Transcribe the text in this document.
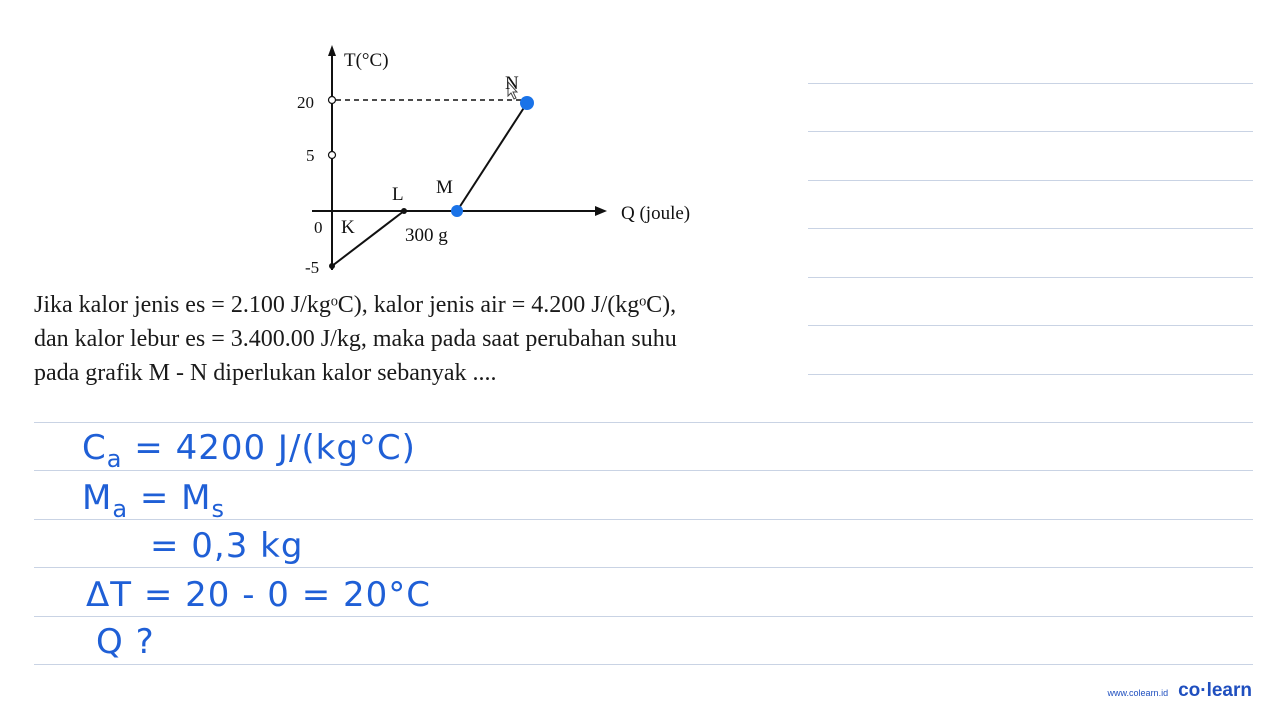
T(°C)
Q (joule)
20
5
0
-5
K
L M
N
300 g
Jika kalor jenis es = 2.100 J/kgᵒC), kalor jenis air = 4.200 J/(kgᵒC),
dan kalor lebur es = 3.400.00 J/kg, maka pada saat perubahan suhu
pada grafik M - N diperlukan kalor sebanyak ....
$C_a = 4200$ J/(kg°C)
$M_a = M_s$
= 0,3 kg
ΔT = 20 - 0 = 20°C
Q ?
www.colearn.id co·learn
